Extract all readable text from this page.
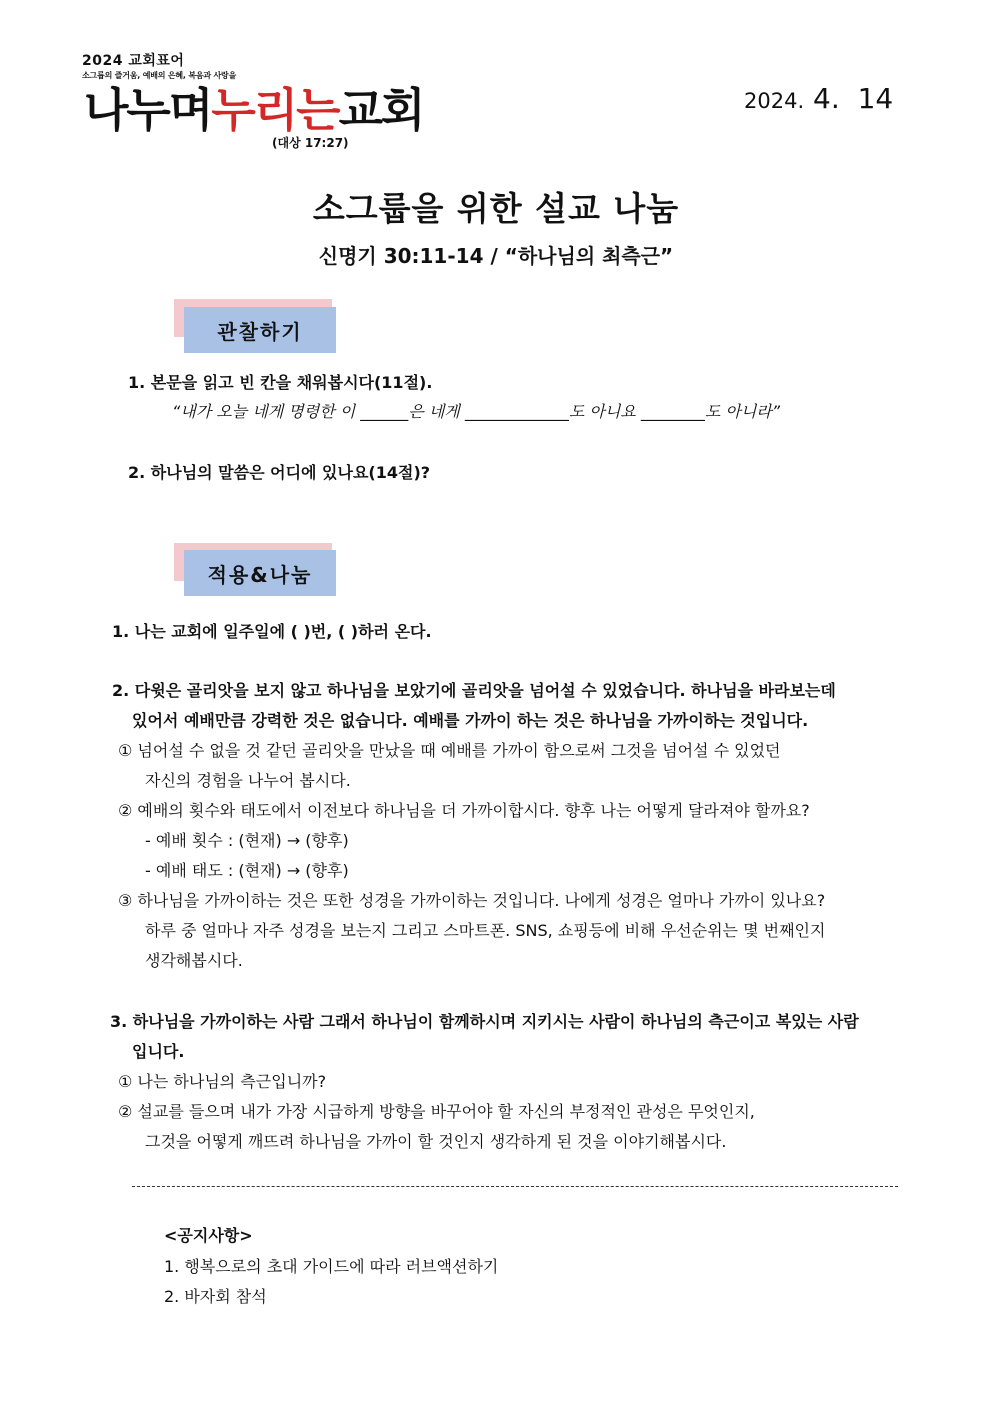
2024 교회표어
소그룹의 즐거움, 예배의 은혜, 복음과 사랑을
나누며누리는교회
(대상 17:27)
2024. 4. 14
소그룹을 위한 설교 나눔
신명기 30:11-14 / “하나님의 최측근”
관찰하기
1. 본문을 읽고 빈 칸을 채워봅시다(11절).
“내가 오늘 네게 명령한 이 ______은 네게 _____________도 아니요 ________도 아니라”
2. 하나님의 말씀은 어디에 있나요(14절)?
적용&나눔
1. 나는 교회에 일주일에 ( )번, ( )하러 온다.
2. 다윗은 골리앗을 보지 않고 하나님을 보았기에 골리앗을 넘어설 수 있었습니다. 하나님을 바라보는데
있어서 예배만큼 강력한 것은 없습니다. 예배를 가까이 하는 것은 하나님을 가까이하는 것입니다.
① 넘어설 수 없을 것 같던 골리앗을 만났을 때 예배를 가까이 함으로써 그것을 넘어설 수 있었던
자신의 경험을 나누어 봅시다.
② 예배의 횟수와 태도에서 이전보다 하나님을 더 가까이합시다. 향후 나는 어떻게 달라져야 할까요?
- 예배 횟수 : (현재) → (향후)
- 예배 태도 : (현재) → (향후)
③ 하나님을 가까이하는 것은 또한 성경을 가까이하는 것입니다. 나에게 성경은 얼마나 가까이 있나요?
하루 중 얼마나 자주 성경을 보는지 그리고 스마트폰. SNS, 쇼핑등에 비해 우선순위는 몇 번째인지
생각해봅시다.
3. 하나님을 가까이하는 사람 그래서 하나님이 함께하시며 지키시는 사람이 하나님의 측근이고 복있는 사람
입니다.
① 나는 하나님의 측근입니까?
② 설교를 들으며 내가 가장 시급하게 방향을 바꾸어야 할 자신의 부정적인 관성은 무엇인지,
그것을 어떻게 깨뜨려 하나님을 가까이 할 것인지 생각하게 된 것을 이야기해봅시다.
<공지사항>
1. 행복으로의 초대 가이드에 따라 러브액션하기
2. 바자회 참석
